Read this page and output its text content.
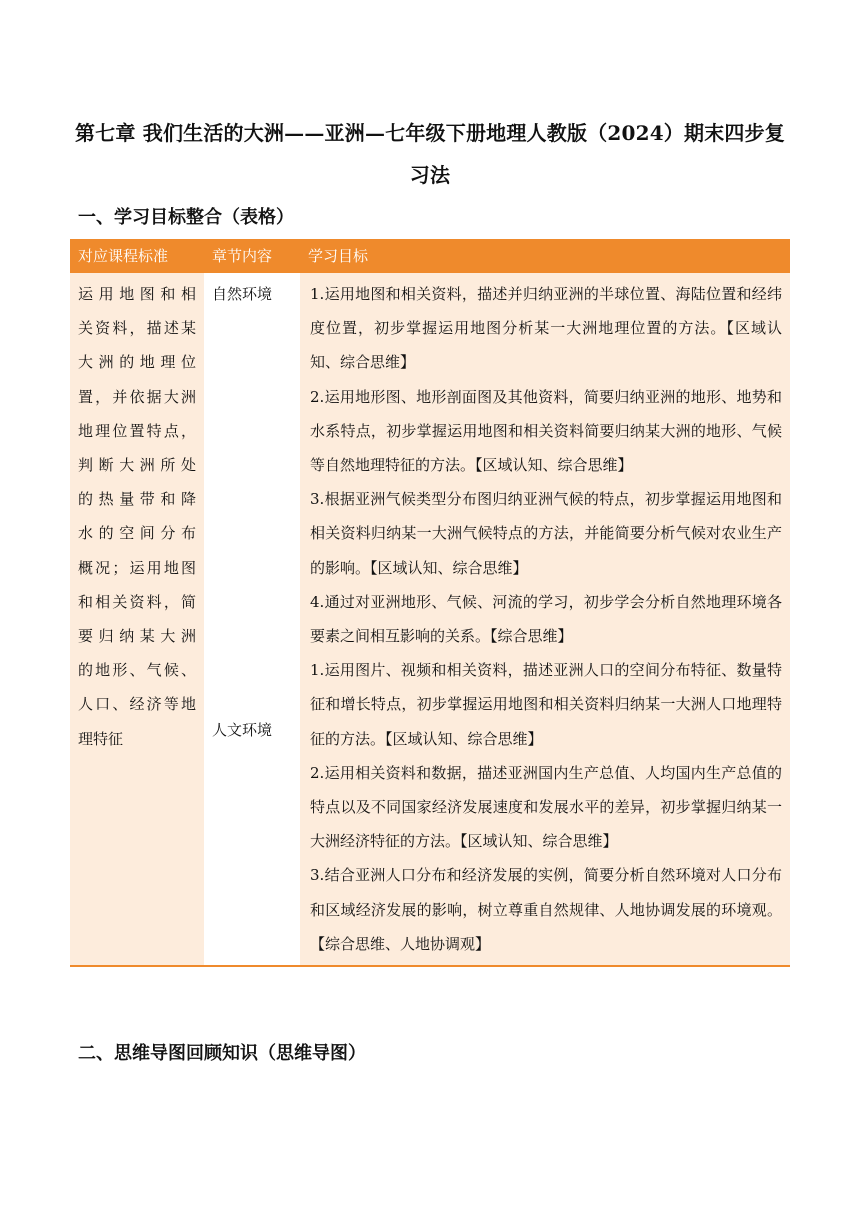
第七章 我们生活的大洲——亚洲—七年级下册地理人教版（2024）期末四步复习法
一、学习目标整合（表格）
对应课程标准	章节内容	学习目标
运用地图和相
关资料，描述某
大洲的地理位
置，并依据大洲
地理位置特点，
判断大洲所处
的热量带和降
水的空间分布
概况；运用地图
和相关资料，简
要归纳某大洲
的地形、气候、
人口、经济等地
理特征
自然环境
人文环境

1.运用地图和相关资料，描述并归纳亚洲的半球位置、海陆位置和经纬度位置，初步掌握运用地图分析某一大洲地理位置的方法。【区域认知、综合思维】

2.运用地形图、地形剖面图及其他资料，简要归纳亚洲的地形、地势和水系特点，初步掌握运用地图和相关资料简要归纳某大洲的地形、气候等自然地理特征的方法。【区域认知、综合思维】

3.根据亚洲气候类型分布图归纳亚洲气候的特点，初步掌握运用地图和相关资料归纳某一大洲气候特点的方法，并能简要分析气候对农业生产的影响。【区域认知、综合思维】

4.通过对亚洲地形、气候、河流的学习，初步学会分析自然地理环境各要素之间相互影响的关系。【综合思维】

1.运用图片、视频和相关资料，描述亚洲人口的空间分布特征、数量特征和增长特点，初步掌握运用地图和相关资料归纳某一大洲人口地理特征的方法。【区域认知、综合思维】

2.运用相关资料和数据，描述亚洲国内生产总值、人均国内生产总值的特点以及不同国家经济发展速度和发展水平的差异，初步掌握归纳某一大洲经济特征的方法。【区域认知、综合思维】

3.结合亚洲人口分布和经济发展的实例，简要分析自然环境对人口分布和区域经济发展的影响，树立尊重自然规律、人地协调发展的环境观。【综合思维、人地协调观】

二、思维导图回顾知识（思维导图）
